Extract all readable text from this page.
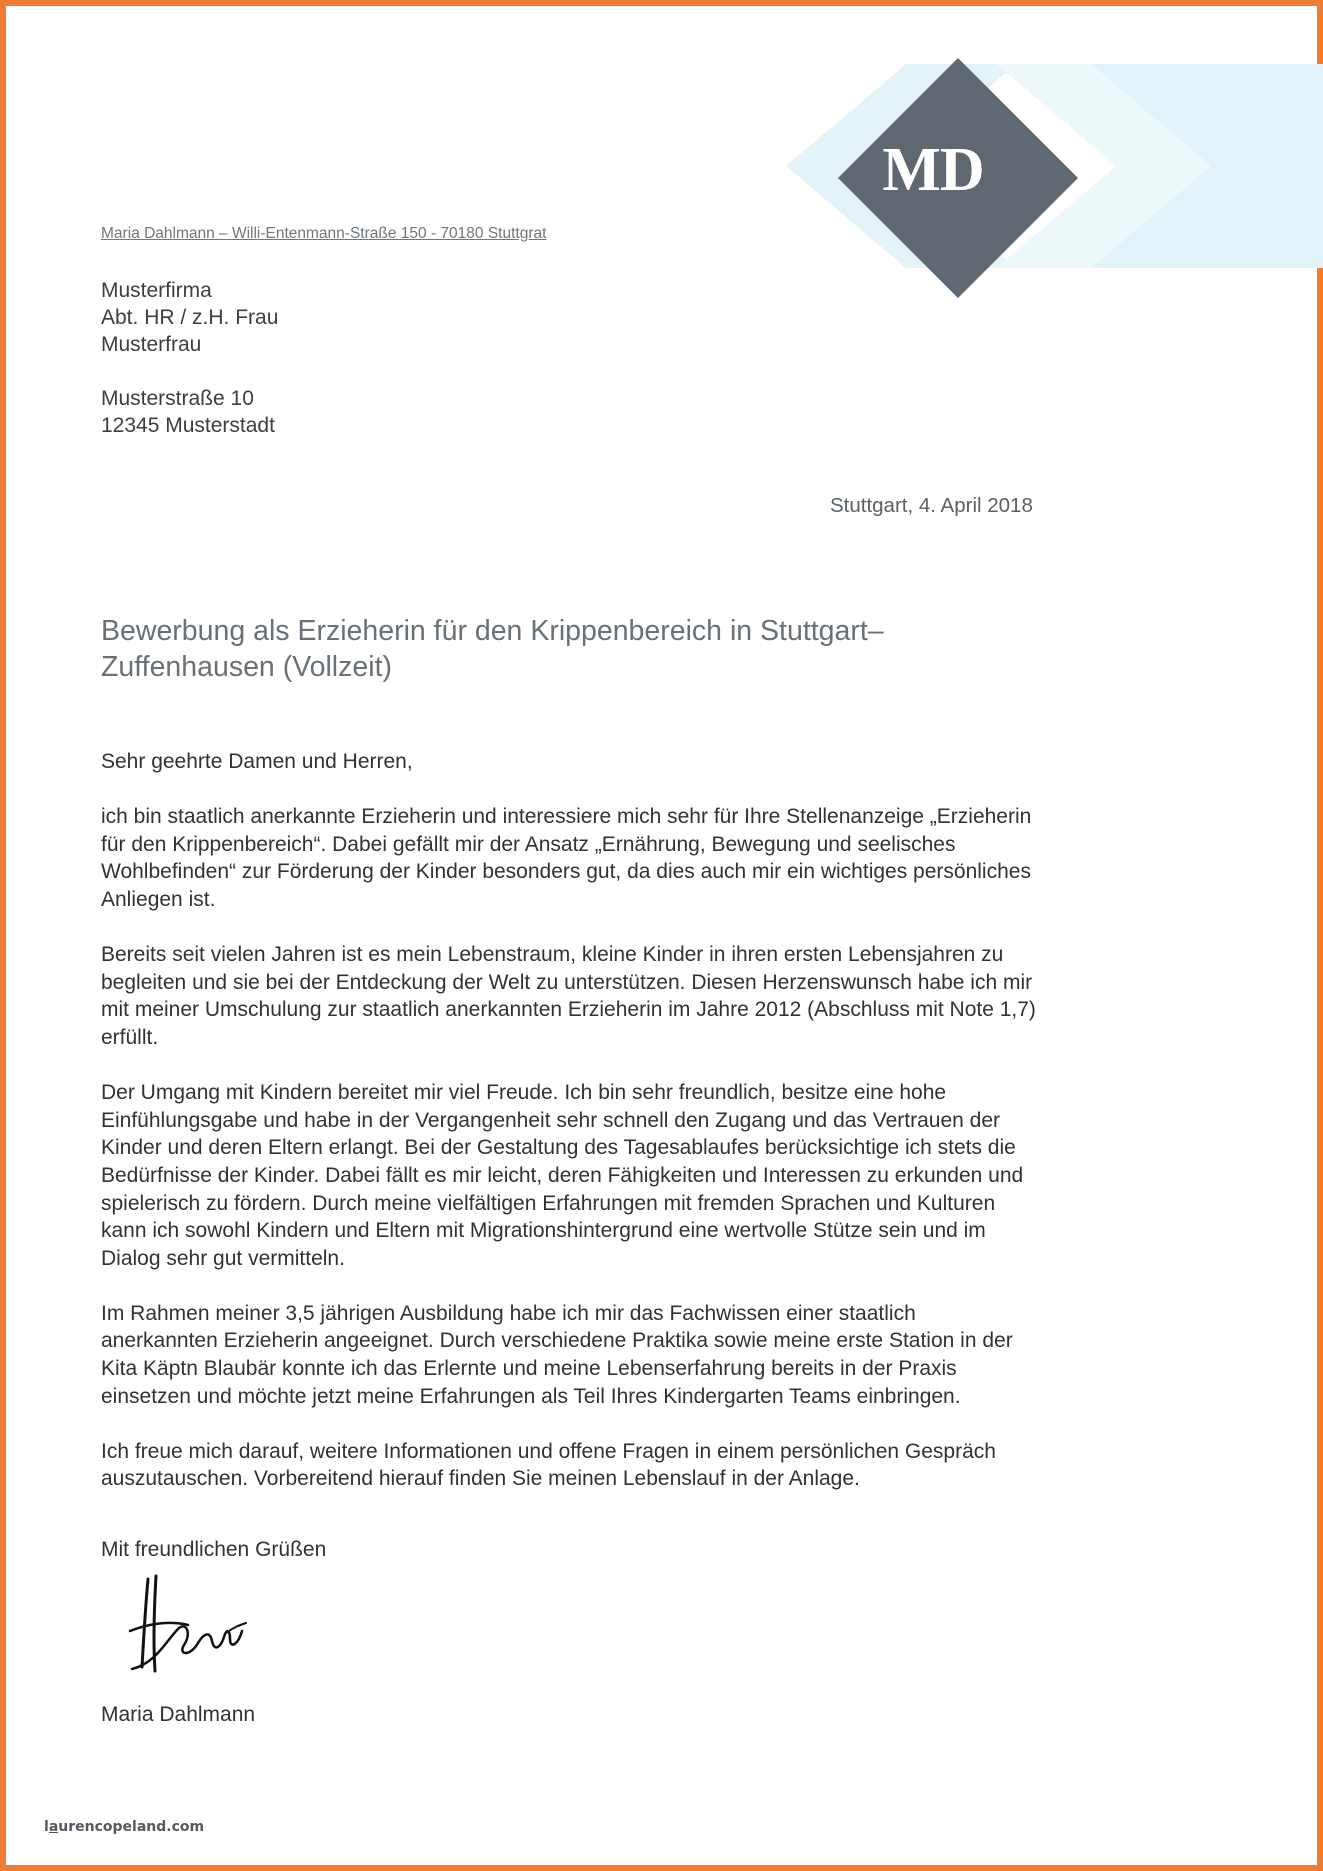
MD
Maria Dahlmann – Willi-Entenmann-Straße 150 - 70180 Stuttgrat
Musterfirma
Abt. HR / z.H. Frau
Musterfrau
Musterstraße 10
12345 Musterstadt
Stuttgart, 4. April 2018
Bewerbung als Erzieherin für den Krippenbereich in Stuttgart–
Zuffenhausen (Vollzeit)
Sehr geehrte Damen und Herren,
ich bin staatlich anerkannte Erzieherin und interessiere mich sehr für Ihre Stellenanzeige „Erzieherin
für den Krippenbereich“. Dabei gefällt mir der Ansatz „Ernährung, Bewegung und seelisches
Wohlbefinden“ zur Förderung der Kinder besonders gut, da dies auch mir ein wichtiges persönliches
Anliegen ist.
Bereits seit vielen Jahren ist es mein Lebenstraum, kleine Kinder in ihren ersten Lebensjahren zu
begleiten und sie bei der Entdeckung der Welt zu unterstützen. Diesen Herzenswunsch habe ich mir
mit meiner Umschulung zur staatlich anerkannten Erzieherin im Jahre 2012 (Abschluss mit Note 1,7)
erfüllt.
Der Umgang mit Kindern bereitet mir viel Freude. Ich bin sehr freundlich, besitze eine hohe
Einfühlungsgabe und habe in der Vergangenheit sehr schnell den Zugang und das Vertrauen der
Kinder und deren Eltern erlangt. Bei der Gestaltung des Tagesablaufes berücksichtige ich stets die
Bedürfnisse der Kinder. Dabei fällt es mir leicht, deren Fähigkeiten und Interessen zu erkunden und
spielerisch zu fördern. Durch meine vielfältigen Erfahrungen mit fremden Sprachen und Kulturen
kann ich sowohl Kindern und Eltern mit Migrationshintergrund eine wertvolle Stütze sein und im
Dialog sehr gut vermitteln.
Im Rahmen meiner 3,5 jährigen Ausbildung habe ich mir das Fachwissen einer staatlich
anerkannten Erzieherin angeeignet. Durch verschiedene Praktika sowie meine erste Station in der
Kita Käptn Blaubär konnte ich das Erlernte und meine Lebenserfahrung bereits in der Praxis
einsetzen und möchte jetzt meine Erfahrungen als Teil Ihres Kindergarten Teams einbringen.
Ich freue mich darauf, weitere Informationen und offene Fragen in einem persönlichen Gespräch
auszutauschen. Vorbereitend hierauf finden Sie meinen Lebenslauf in der Anlage.
Mit freundlichen Grüßen
Maria Dahlmann
laurencopeland.com
